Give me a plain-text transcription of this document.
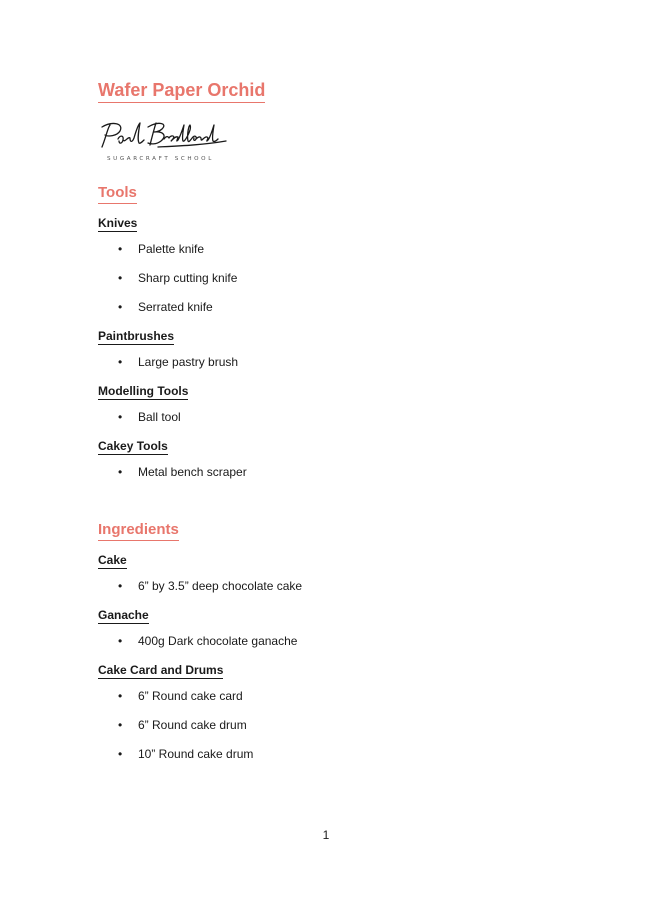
Wafer Paper Orchid
SUGARCRAFT SCHOOL
Tools
Knives
• Palette knife
• Sharp cutting knife
• Serrated knife
Paintbrushes
• Large pastry brush
Modelling Tools
• Ball tool
Cakey Tools
• Metal bench scraper
Ingredients
Cake
• 6” by 3.5” deep chocolate cake
Ganache
• 400g Dark chocolate ganache
Cake Card and Drums
• 6” Round cake card
• 6” Round cake drum
• 10” Round cake drum
1
